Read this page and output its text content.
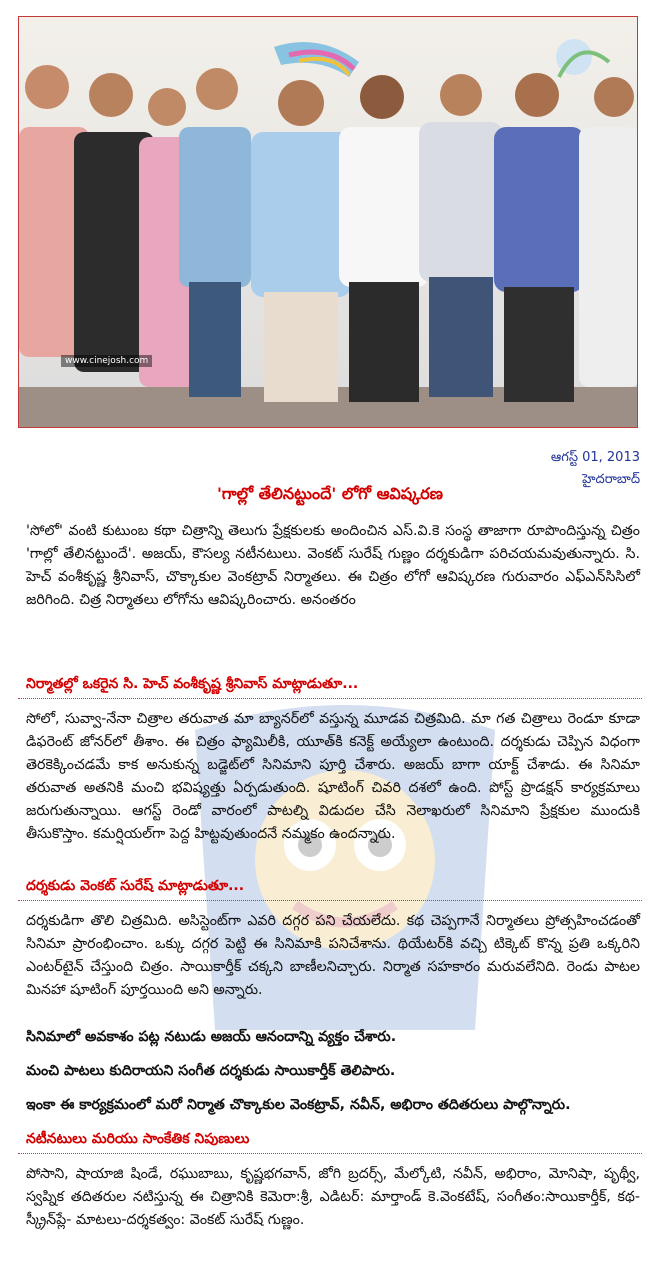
www.cinejosh.com
ఆగస్ట్ 01, 2013
హైదరాబాద్
'గాల్లో తేలినట్టుందే' లోగో ఆవిష్కరణ
'సోలో' వంటి కుటుంబ కథా చిత్రాన్ని తెలుగు ప్రేక్షకులకు అందించిన ఎస్.వి.కె సంస్థ తాజాగా రూపొందిస్తున్న చిత్రం 'గాల్లో తేలినట్టుందే'. అజయ్, కౌసల్య నటీనటులు. వెంకట్ సురేష్ గుణ్ణం దర్శకుడిగా పరిచయమవుతున్నారు. సి. హెచ్ వంశీకృష్ణ శ్రీనివాస్, చొక్కాకుల వెంకట్రావ్ నిర్మాతలు. ఈ చిత్రం లోగో ఆవిష్కరణ గురువారం ఎఫ్ఎన్‌సిసిలో జరిగింది. చిత్ర నిర్మాతలు లోగోను ఆవిష్కరించారు. అనంతరం
నిర్మాతల్లో ఒకరైన సి. హెచ్ వంశీకృష్ణ శ్రీనివాస్ మాట్లాడుతూ...
సోలో, సువ్వా-నేనా చిత్రాల తరువాత మా బ్యానర్‌లో వస్తున్న మూడవ చిత్రమిది. మా గత చిత్రాలు రెండూ కూడా డిఫరెంట్ జోనర్‌లో తీశాం. ఈ చిత్రం ఫ్యామిలీకి, యూత్‌కి కనెక్ట్ అయ్యేలా ఉంటుంది. దర్శకుడు చెప్పిన విధంగా తెరకెక్కించడమే కాక అనుకున్న బడ్జెట్‌లో సినిమాని పూర్తి చేశారు. అజయ్ బాగా యాక్ట్ చేశాడు. ఈ సినిమా తరువాత అతనికి మంచి భవిష్యత్తు ఏర్పడుతుంది. షూటింగ్ చివరి దశలో ఉంది. పోస్ట్ ప్రొడక్షన్ కార్యక్రమాలు జరుగుతున్నాయి. ఆగస్ట్ రెండో వారంలో పాటల్ని విడుదల చేసి నెలాఖరులో సినిమాని ప్రేక్షకుల ముందుకి తీసుకొస్తాం. కమర్షియల్‌గా పెద్ద హిట్టవుతుందనే నమ్మకం ఉందన్నారు.
దర్శకుడు వెంకట్ సురేష్ మాట్లాడుతూ...
దర్శకుడిగా తొలి చిత్రమిది. అసిస్టెంట్‌గా ఎవరి దగ్గర పని చేయలేదు. కథ చెప్పగానే నిర్మాతలు ప్రోత్సహించడంతో సినిమా ప్రారంభించాం. ఒక్కు దగ్గర పెట్టి ఈ సినిమాకి పనిచేశాను. థియేటర్‌కి వచ్చి టిక్కెట్ కొన్న ప్రతి ఒక్కరిని ఎంటర్‌టైన్ చేస్తుంది చిత్రం. సాయికార్తీక్ చక్కని బాణీలనిచ్చారు. నిర్మాత సహకారం మరువలేనిది. రెండు పాటల మినహా షూటింగ్ పూర్తయింది అని అన్నారు.
సినిమాలో అవకాశం పట్ల నటుడు అజయ్ ఆనందాన్ని వ్యక్తం చేశారు.
మంచి పాటలు కుదిరాయని సంగీత దర్శకుడు సాయికార్తీక్ తెలిపారు.
ఇంకా ఈ కార్యక్రమంలో మరో నిర్మాత చొక్కాకుల వెంకట్రావ్, నవీన్, అభిరాం తదితరులు పాల్గొన్నారు.
నటీనటులు మరియు సాంకేతిక నిపుణులు
పోసాని, షాయాజి షిండే, రఘుబాబు, కృష్ణభగవాన్, జోగి బ్రదర్స్, మేల్కోటి, నవీన్, అభిరాం, మోనిషా, పృథ్వీ, స్వప్నిక తదితరుల నటిస్తున్న ఈ చిత్రానికి కెమెరా:శ్రీ, ఎడిటర్: మార్తాండ్ కె.వెంకటేష్, సంగీతం:సాయికార్తీక్, కథ-స్క్రీన్‌ప్లే- మాటలు-దర్శకత్వం: వెంకట్ సురేష్ గుణ్ణం.
